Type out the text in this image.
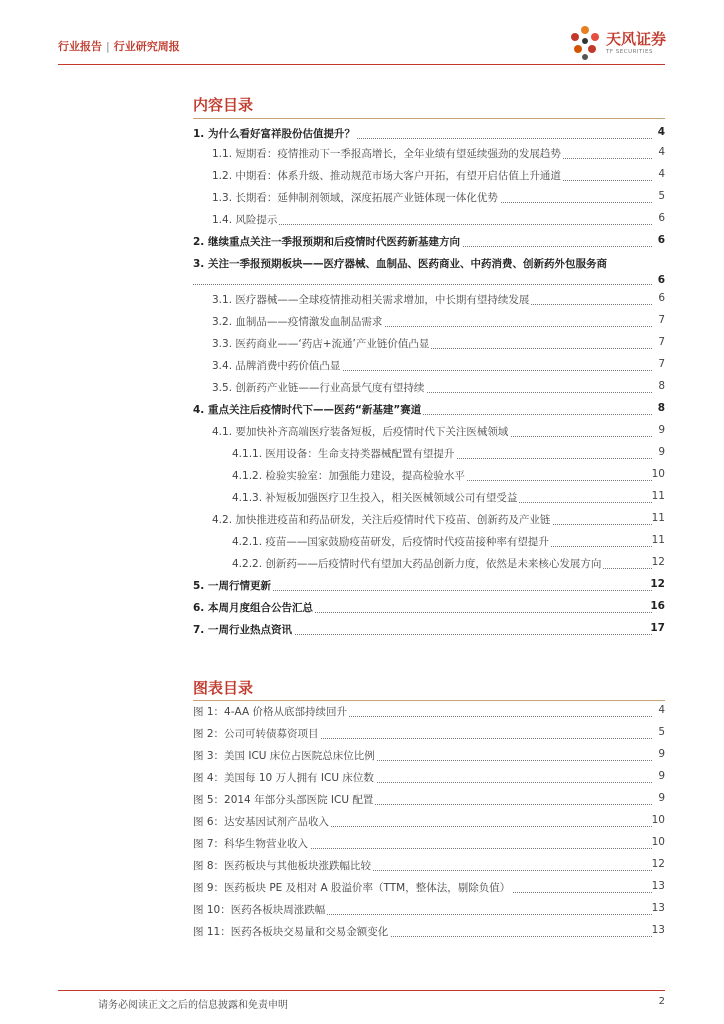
行业报告 | 行业研究周报	天风证券
TF SECURITIES
内容目录
1. 为什么看好富祥股份估值提升？	4
1.1. 短期看：疫情推动下一季报高增长，全年业绩有望延续强劲的发展趋势	4
1.2. 中期看：体系升级、推动规范市场大客户开拓，有望开启估值上升通道	4
1.3. 长期看：延伸制剂领域，深度拓展产业链体现一体化优势	5
1.4. 风险提示	6
2. 继续重点关注一季报预期和后疫情时代医药新基建方向	6
3. 关注一季报预期板块——医疗器械、血制品、医药商业、中药消费、创新药外包服务商
6
3.1. 医疗器械——全球疫情推动相关需求增加，中长期有望持续发展	6
3.2. 血制品——疫情激发血制品需求	7
3.3. 医药商业——‘药店+流通’产业链价值凸显	7
3.4. 品牌消费中药价值凸显	7
3.5. 创新药产业链——行业高景气度有望持续	8
4. 重点关注后疫情时代下——医药“新基建”赛道	8
4.1. 要加快补齐高端医疗装备短板，后疫情时代下关注医械领域	9
4.1.1. 医用设备：生命支持类器械配置有望提升	9
4.1.2. 检验实验室：加强能力建设，提高检验水平	10
4.1.3. 补短板加强医疗卫生投入，相关医械领域公司有望受益	11
4.2. 加快推进疫苗和药品研发，关注后疫情时代下疫苗、创新药及产业链	11
4.2.1. 疫苗——国家鼓励疫苗研发，后疫情时代疫苗接种率有望提升	11
4.2.2. 创新药——后疫情时代有望加大药品创新力度，依然是未来核心发展方向	12
5. 一周行情更新	12
6. 本周月度组合公告汇总	16
7. 一周行业热点资讯	17
图表目录
图 1：4-AA 价格从底部持续回升	4
图 2：公司可转债募资项目	5
图 3：美国 ICU 床位占医院总床位比例	9
图 4：美国每 10 万人拥有 ICU 床位数	9
图 5：2014 年部分头部医院 ICU 配置	9
图 6：达安基因试剂产品收入	10
图 7：科华生物营业收入	10
图 8：医药板块与其他板块涨跌幅比较	12
图 9：医药板块 PE 及相对 A 股溢价率（TTM，整体法，剔除负值）	13
图 10：医药各板块周涨跌幅	13
图 11：医药各板块交易量和交易金额变化	13
请务必阅读正文之后的信息披露和免责申明	2
